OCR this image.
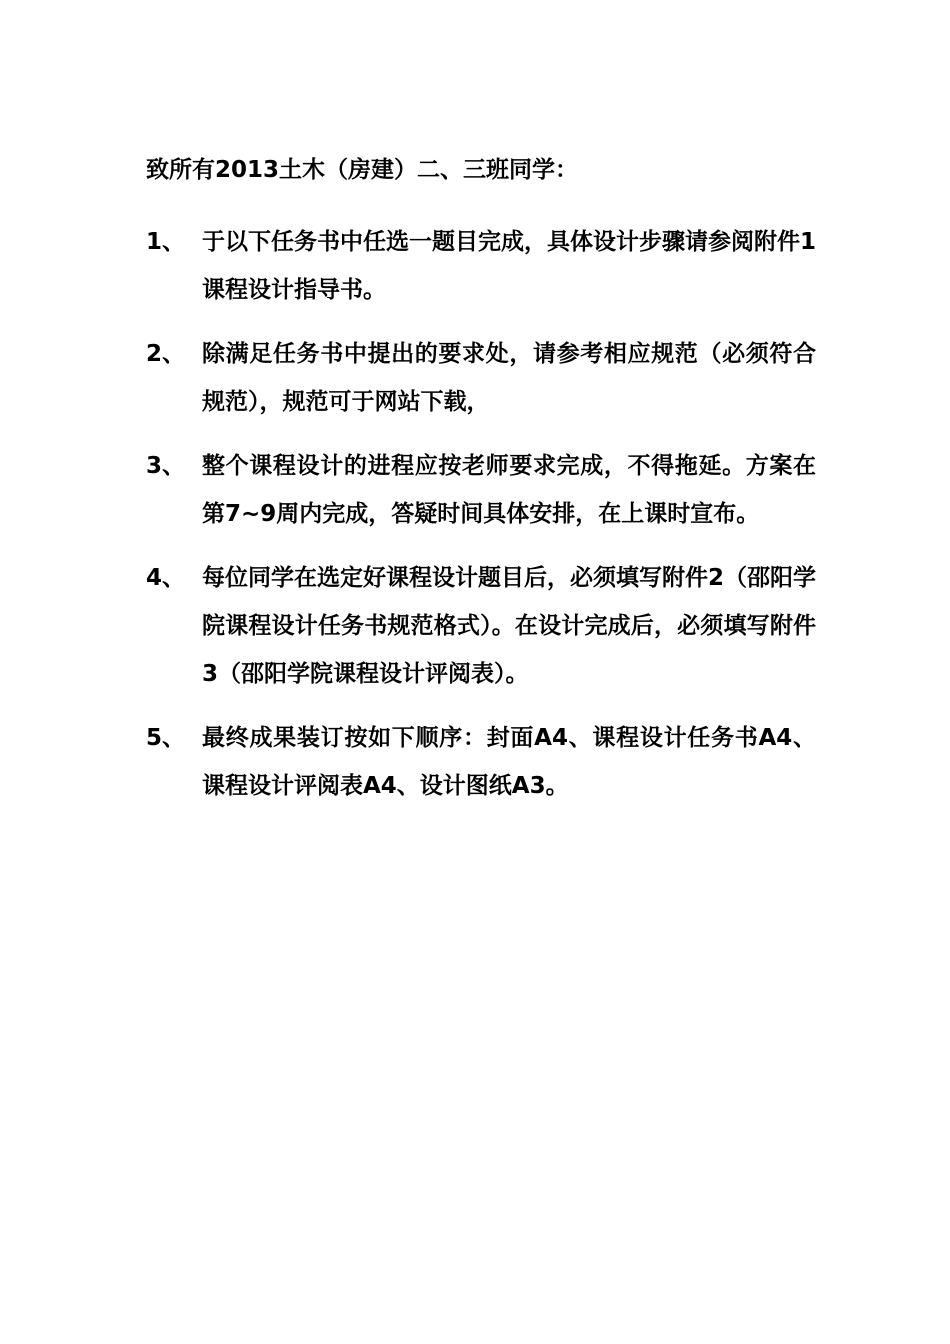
致所有2013土木（房建）二、三班同学：
1、 于以下任务书中任选一题目完成，具体设计步骤请参阅附件1课程设计指导书。
2、 除满足任务书中提出的要求处，请参考相应规范（必须符合规范），规范可于网站下载，
3、 整个课程设计的进程应按老师要求完成，不得拖延。方案在第7~9周内完成，答疑时间具体安排，在上课时宣布。
4、 每位同学在选定好课程设计题目后，必须填写附件2（邵阳学院课程设计任务书规范格式）。在设计完成后，必须填写附件3（邵阳学院课程设计评阅表）。
5、 最终成果装订按如下顺序：封面A4、课程设计任务书A4、课程设计评阅表A4、设计图纸A3。
